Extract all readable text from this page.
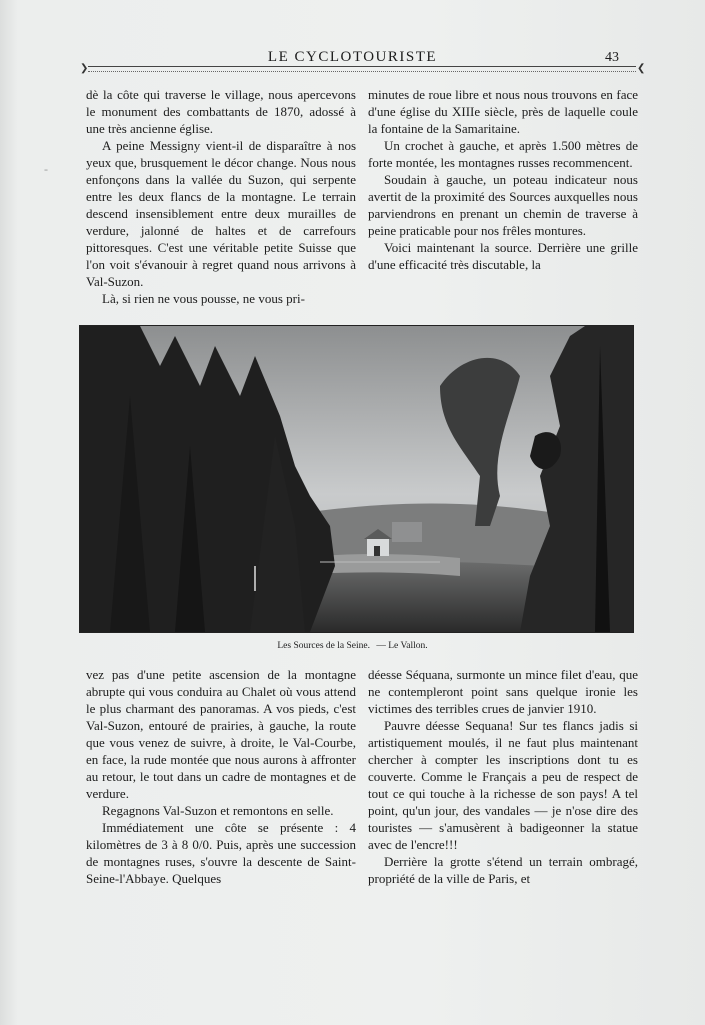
LE CYCLOTOURISTE	43
❯	❮
-

dè la côte qui traverse le village, nous apercevons le monument des combattants de 1870, adossé à une très ancienne église.

A peine Messigny vient-il de disparaître à nos yeux que, brusquement le décor change. Nous nous enfonçons dans la vallée du Suzon, qui serpente entre les deux flancs de la montagne. Le terrain descend insensiblement entre deux murailles de verdure, jalonné de haltes et de carrefours pittoresques. C'est une véritable petite Suisse que l'on voit s'évanouir à regret quand nous arrivons à Val-Suzon.

Là, si rien ne vous pousse, ne vous pri-

minutes de roue libre et nous nous trouvons en face d'une église du XIIIe siècle, près de laquelle coule la fontaine de la Samaritaine.

Un crochet à gauche, et après 1.500 mètres de forte montée, les montagnes russes recommencent.

Soudain à gauche, un poteau indicateur nous avertit de la proximité des Sources auxquelles nous parviendrons en prenant un chemin de traverse à peine praticable pour nos frêles montures.

Voici maintenant la source. Derrière une grille d'une efficacité très discutable, la

Les Sources de la Seine. — Le Vallon.

vez pas d'une petite ascension de la montagne abrupte qui vous conduira au Chalet où vous attend le plus charmant des panoramas. A vos pieds, c'est Val-Suzon, entouré de prairies, à gauche, la route que vous venez de suivre, à droite, le Val-Courbe, en face, la rude montée que nous aurons à affronter au retour, le tout dans un cadre de montagnes et de verdure.

Regagnons Val-Suzon et remontons en selle.

Immédiatement une côte se présente : 4 kilomètres de 3 à 8 0/0. Puis, après une succession de montagnes ruses, s'ouvre la descente de Saint-Seine-l'Abbaye. Quelques

déesse Séquana, surmonte un mince filet d'eau, que ne contempleront point sans quelque ironie les victimes des terribles crues de janvier 1910.

Pauvre déesse Sequana! Sur tes flancs jadis si artistiquement moulés, il ne faut plus maintenant chercher à compter les inscriptions dont tu es couverte. Comme le Français a peu de respect de tout ce qui touche à la richesse de son pays! A tel point, qu'un jour, des vandales — je n'ose dire des touristes — s'amusèrent à badigeonner la statue avec de l'encre!!!

Derrière la grotte s'étend un terrain ombragé, propriété de la ville de Paris, et
